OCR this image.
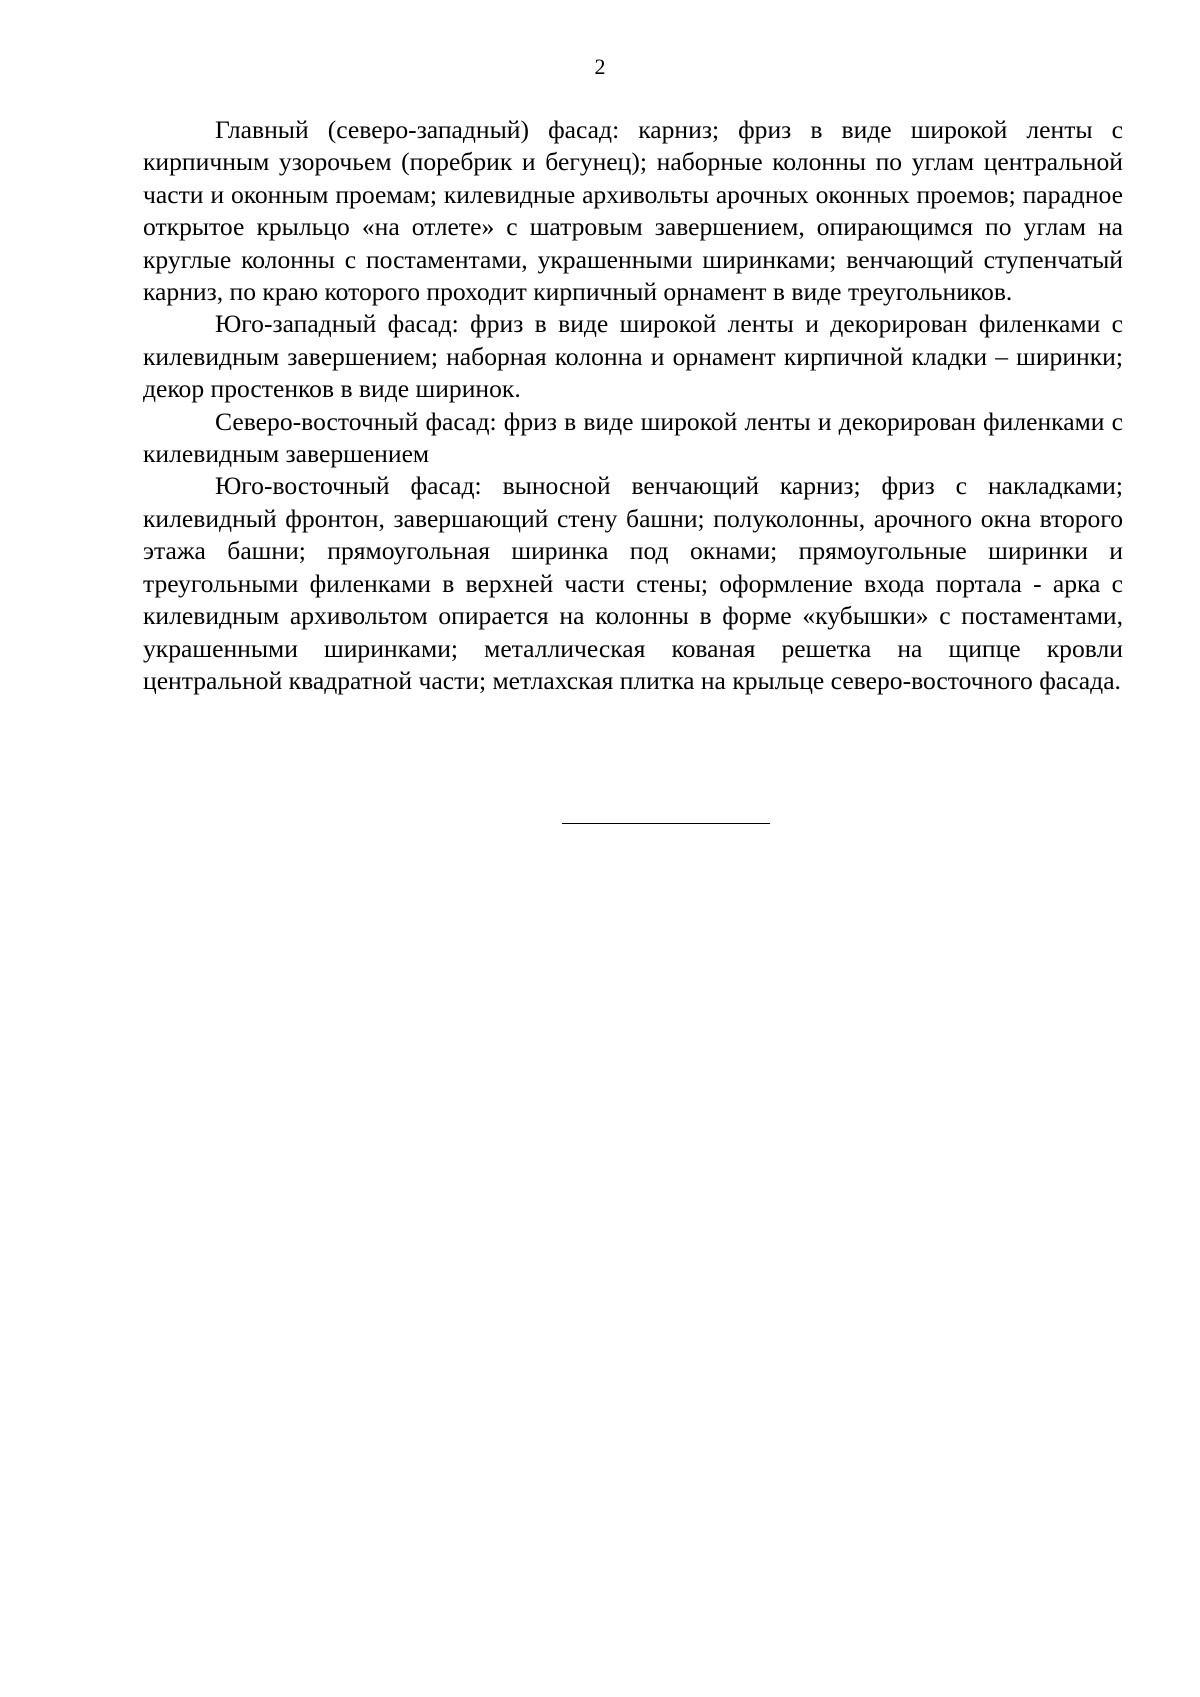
2

Главный (северо-западный) фасад: карниз; фриз в виде широкой ленты с кирпичным узорочьем (поребрик и бегунец); наборные колонны по углам центральной части и оконным проемам; килевидные архивольты арочных оконных проемов; парадное открытое крыльцо «на отлете» с шатровым завершением, опирающимся по углам на круглые колонны с постаментами, украшенными ширинками; венчающий ступенчатый карниз, по краю которого проходит кирпичный орнамент в виде треугольников.

Юго-западный фасад: фриз в виде широкой ленты и декорирован филенками с килевидным завершением; наборная колонна и орнамент кирпичной кладки – ширинки; декор простенков в виде ширинок.

Северо-восточный фасад: фриз в виде широкой ленты и декорирован филенками с килевидным завершением

Юго-восточный фасад: выносной венчающий карниз; фриз с накладками; килевидный фронтон, завершающий стену башни; полуколонны, арочного окна второго этажа башни; прямоугольная ширинка под окнами; прямоугольные ширинки и треугольными филенками в верхней части стены; оформление входа портала - арка с килевидным архивольтом опирается на колонны в форме «кубышки» с постаментами, украшенными ширинками; металлическая кованая решетка на щипце кровли центральной квадратной части; метлахская плитка на крыльце северо-восточного фасада.
